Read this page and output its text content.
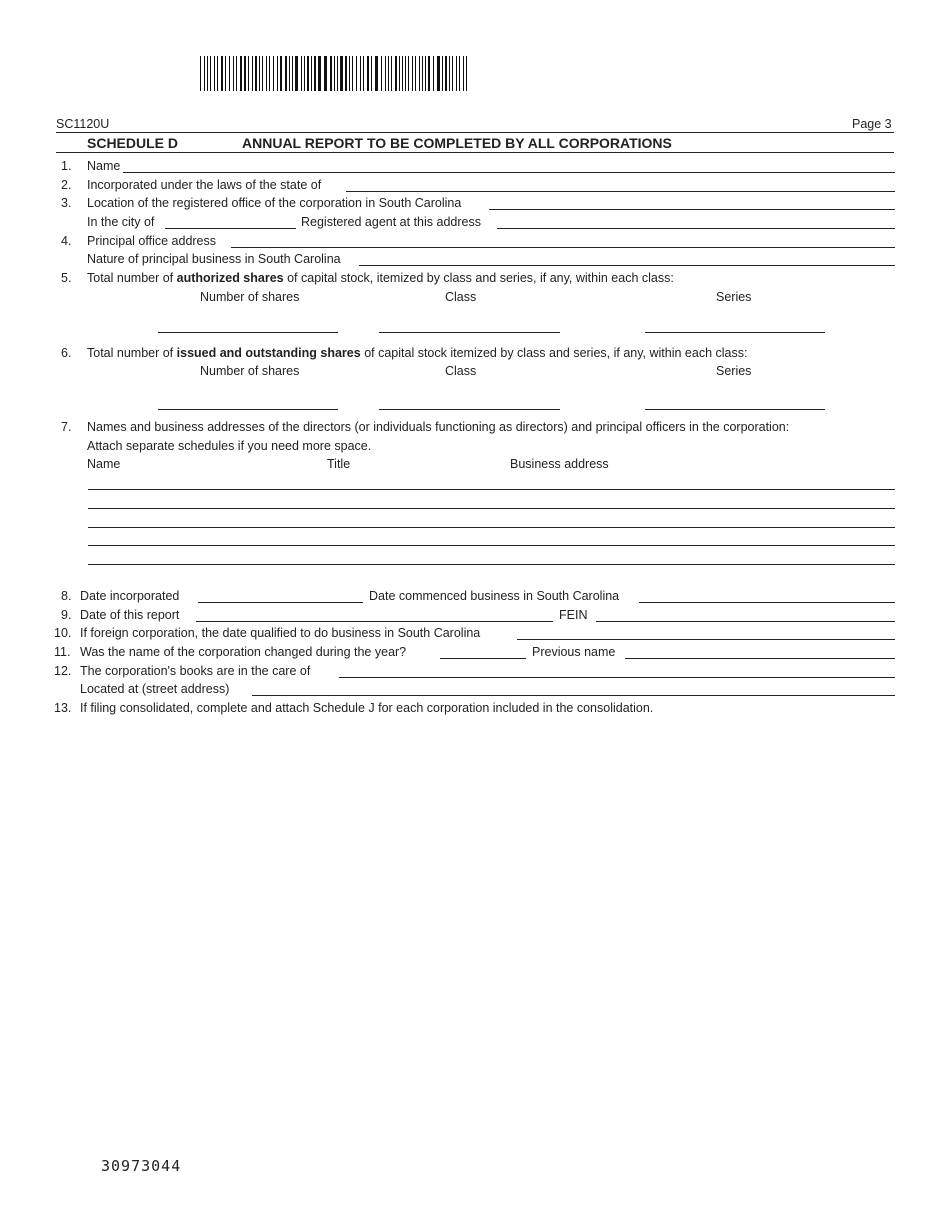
SC1120U	Page 3
SCHEDULE D	ANNUAL REPORT TO BE COMPLETED BY ALL CORPORATIONS
1. Name
2. Incorporated under the laws of the state of
3. Location of the registered office of the corporation in South Carolina
In the city of	Registered agent at this address
4. Principal office address
Nature of principal business in South Carolina
5. Total number of authorized shares of capital stock, itemized by class and series, if any, within each class:
Number of shares	Class	Series
6. Total number of issued and outstanding shares of capital stock itemized by class and series, if any, within each class:
Number of shares	Class	Series
7. Names and business addresses of the directors (or individuals functioning as directors) and principal officers in the corporation:
Attach separate schedules if you need more space.
Name	Title	Business address
8. Date incorporated	Date commenced business in South Carolina
9. Date of this report	FEIN
10. If foreign corporation, the date qualified to do business in South Carolina
11. Was the name of the corporation changed during the year?	Previous name
12. The corporation's books are in the care of
Located at (street address)
13. If filing consolidated, complete and attach Schedule J for each corporation included in the consolidation.
30973044
